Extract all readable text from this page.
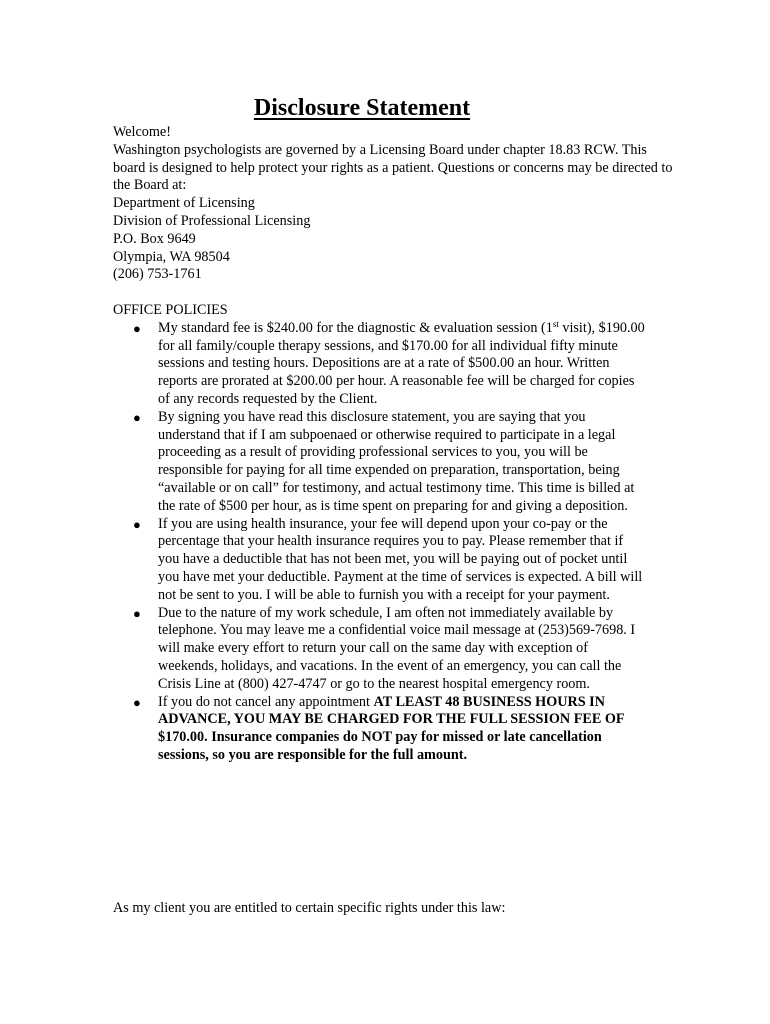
Disclosure Statement
Welcome!
Washington psychologists are governed by a Licensing Board under chapter 18.83 RCW. This board is designed to help protect your rights as a patient. Questions or concerns may be directed to the Board at:
Department of Licensing
Division of Professional Licensing
P.O. Box 9649
Olympia, WA 98504
(206) 753-1761
OFFICE POLICIES
● My standard fee is $240.00 for the diagnostic & evaluation session (1st visit), $190.00 for all family/couple therapy sessions, and $170.00 for all individual fifty minute sessions and testing hours. Depositions are at a rate of $500.00 an hour. Written reports are prorated at $200.00 per hour. A reasonable fee will be charged for copies of any records requested by the Client.
● By signing you have read this disclosure statement, you are saying that you understand that if I am subpoenaed or otherwise required to participate in a legal proceeding as a result of providing professional services to you, you will be responsible for paying for all time expended on preparation, transportation, being “available or on call” for testimony, and actual testimony time. This time is billed at the rate of $500 per hour, as is time spent on preparing for and giving a deposition.
● If you are using health insurance, your fee will depend upon your co-pay or the percentage that your health insurance requires you to pay. Please remember that if you have a deductible that has not been met, you will be paying out of pocket until you have met your deductible. Payment at the time of services is expected. A bill will not be sent to you. I will be able to furnish you with a receipt for your payment.
● Due to the nature of my work schedule, I am often not immediately available by telephone. You may leave me a confidential voice mail message at (253)569-7698. I will make every effort to return your call on the same day with exception of weekends, holidays, and vacations. In the event of an emergency, you can call the Crisis Line at (800) 427-4747 or go to the nearest hospital emergency room.
● If you do not cancel any appointment AT LEAST 48 BUSINESS HOURS IN ADVANCE, YOU MAY BE CHARGED FOR THE FULL SESSION FEE OF $170.00. Insurance companies do NOT pay for missed or late cancellation sessions, so you are responsible for the full amount.

As my client you are entitled to certain specific rights under this law:
